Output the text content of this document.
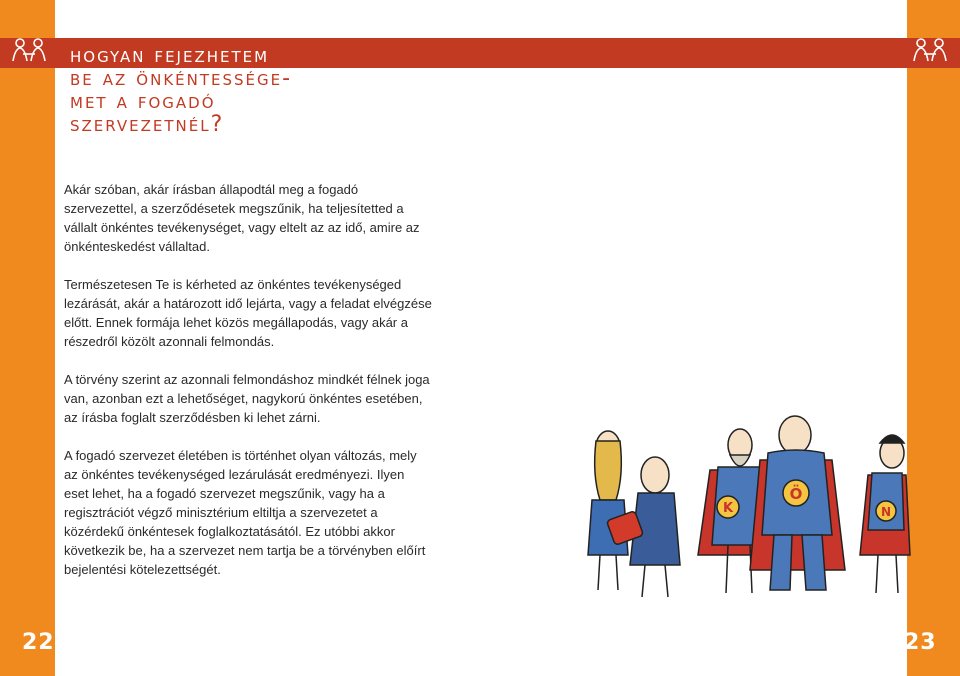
hogyan fejezhetem
be az önkéntessége-
met a fogadó
szervezetnél?

Akár szóban, akár írásban állapodtál meg a fogadó szervezettel, a szerződésetek megszűnik, ha teljesítetted a vállalt önkéntes tevékenységet, vagy eltelt az az idő, amire az önkénteskedést vállaltad.

Természetesen Te is kérheted az önkéntes tevékenységed lezárását, akár a határozott idő lejárta, vagy a feladat elvégzése előtt. Ennek formája lehet közös megállapodás, vagy akár a részedről közölt azonnali felmondás.

A törvény szerint az azonnali felmondáshoz mindkét félnek joga van, azonban ezt a lehetőséget, nagykorú önkéntes esetében, az írásba foglalt szerződésben ki lehet zárni.

A fogadó szervezet életében is történhet olyan változás, mely az önkéntes tevékenységed lezárulását eredményezi. Ilyen eset lehet, ha a fogadó szervezet megszűnik, vagy ha a regisztrációt végző minisztérium eltiltja a szervezetet a közérdekű önkéntesek foglalkoztatásától. Ez utóbbi akkor következik be, ha a szervezet nem tartja be a törvényben előírt bejelentési kötelezettségét.

K
Ö
N
22	23
